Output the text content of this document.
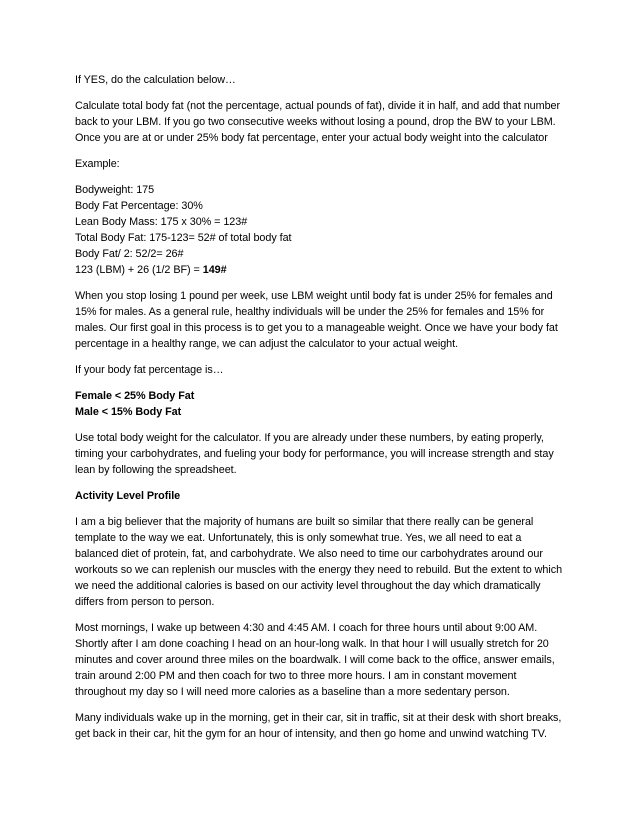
If YES, do the calculation below…

Calculate total body fat (not the percentage, actual pounds of fat), divide it in half, and add that number
back to your LBM. If you go two consecutive weeks without losing a pound, drop the BW to your LBM.
Once you are at or under 25% body fat percentage, enter your actual body weight into the calculator

Example:

Bodyweight: 175
Body Fat Percentage: 30%
Lean Body Mass: 175 x 30% = 123#
Total Body Fat: 175-123= 52# of total body fat
Body Fat/ 2: 52/2= 26#
123 (LBM) + 26 (1/2 BF) = 149#

When you stop losing 1 pound per week, use LBM weight until body fat is under 25% for females and
15% for males. As a general rule, healthy individuals will be under the 25% for females and 15% for
males. Our first goal in this process is to get you to a manageable weight. Once we have your body fat
percentage in a healthy range, we can adjust the calculator to your actual weight.

If your body fat percentage is…

Female < 25% Body Fat
Male < 15% Body Fat

Use total body weight for the calculator. If you are already under these numbers, by eating properly,
timing your carbohydrates, and fueling your body for performance, you will increase strength and stay
lean by following the spreadsheet.

Activity Level Profile

I am a big believer that the majority of humans are built so similar that there really can be general
template to the way we eat. Unfortunately, this is only somewhat true. Yes, we all need to eat a
balanced diet of protein, fat, and carbohydrate. We also need to time our carbohydrates around our
workouts so we can replenish our muscles with the energy they need to rebuild. But the extent to which
we need the additional calories is based on our activity level throughout the day which dramatically
differs from person to person.

Most mornings, I wake up between 4:30 and 4:45 AM. I coach for three hours until about 9:00 AM.
Shortly after I am done coaching I head on an hour-long walk. In that hour I will usually stretch for 20
minutes and cover around three miles on the boardwalk. I will come back to the office, answer emails,
train around 2:00 PM and then coach for two to three more hours. I am in constant movement
throughout my day so I will need more calories as a baseline than a more sedentary person.

Many individuals wake up in the morning, get in their car, sit in traffic, sit at their desk with short breaks,
get back in their car, hit the gym for an hour of intensity, and then go home and unwind watching TV.
